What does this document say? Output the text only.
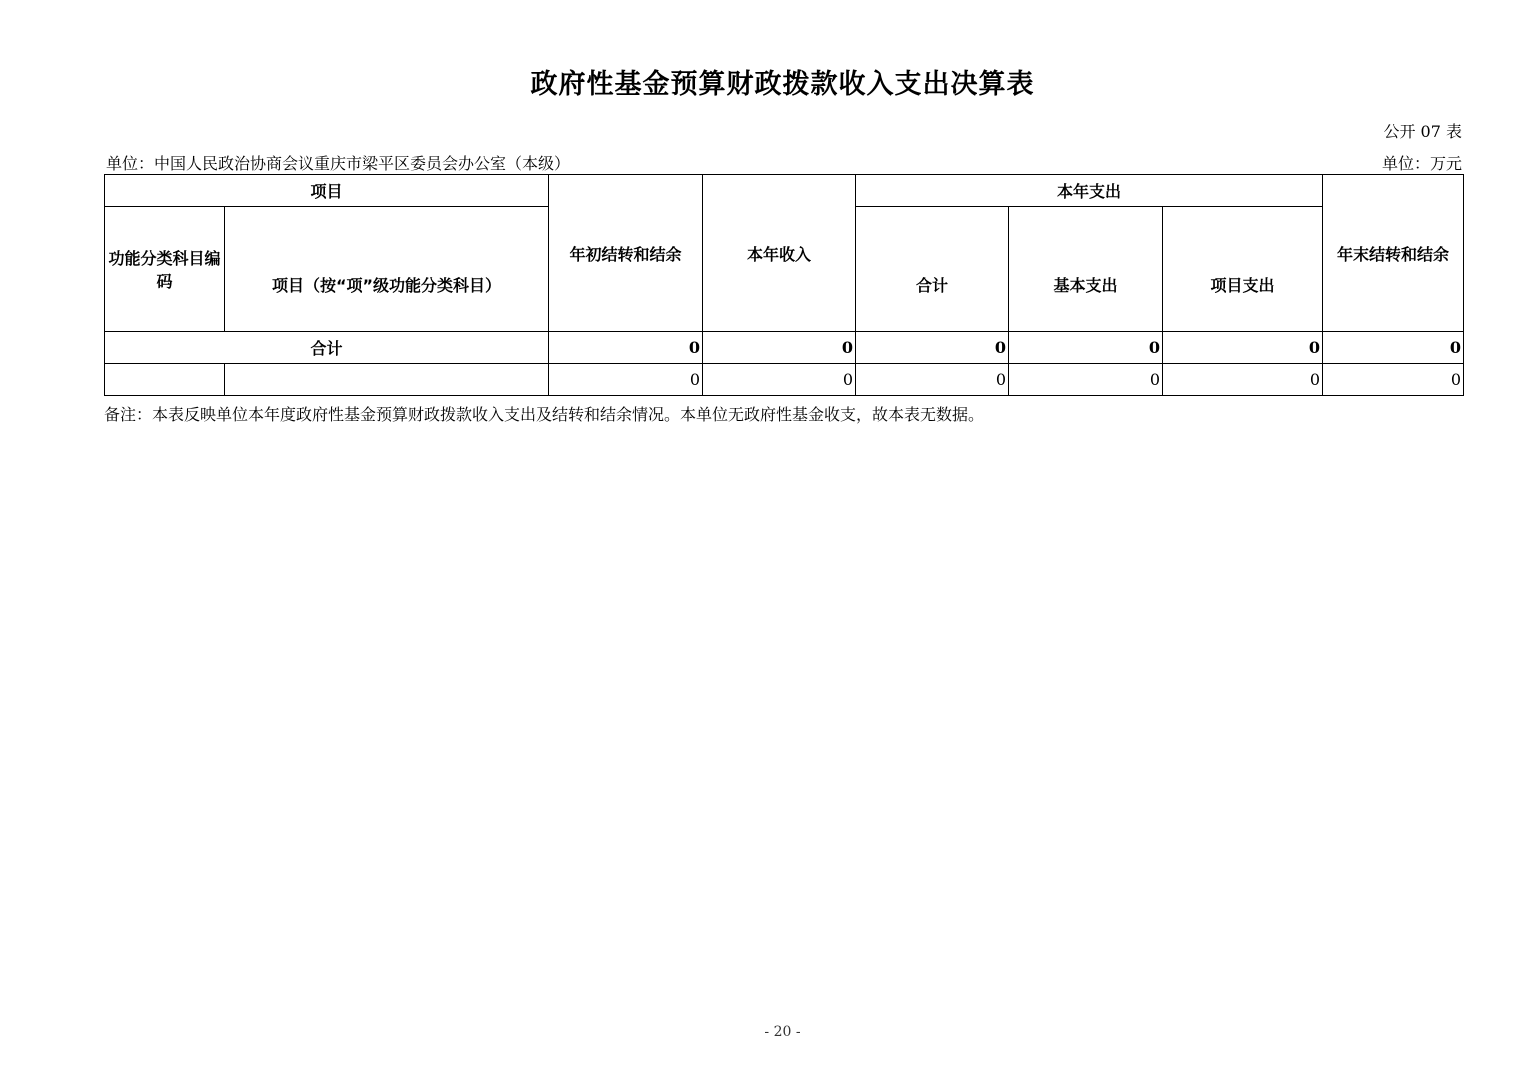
政府性基金预算财政拨款收入支出决算表
公开 07 表
单位：中国人民政治协商会议重庆市梁平区委员会办公室（本级）	单位：万元
项目		年初结转和结余	本年收入	本年支出			年末结转和结余
功能分类科目编码	项目（按“项”级功能分类科目）			合计	基本支出	项目支出	
合计		0	0	0	0	0	0
		0	0	0	0	0	0
备注：本表反映单位本年度政府性基金预算财政拨款收入支出及结转和结余情况。本单位无政府性基金收支，故本表无数据。
- 20 -
